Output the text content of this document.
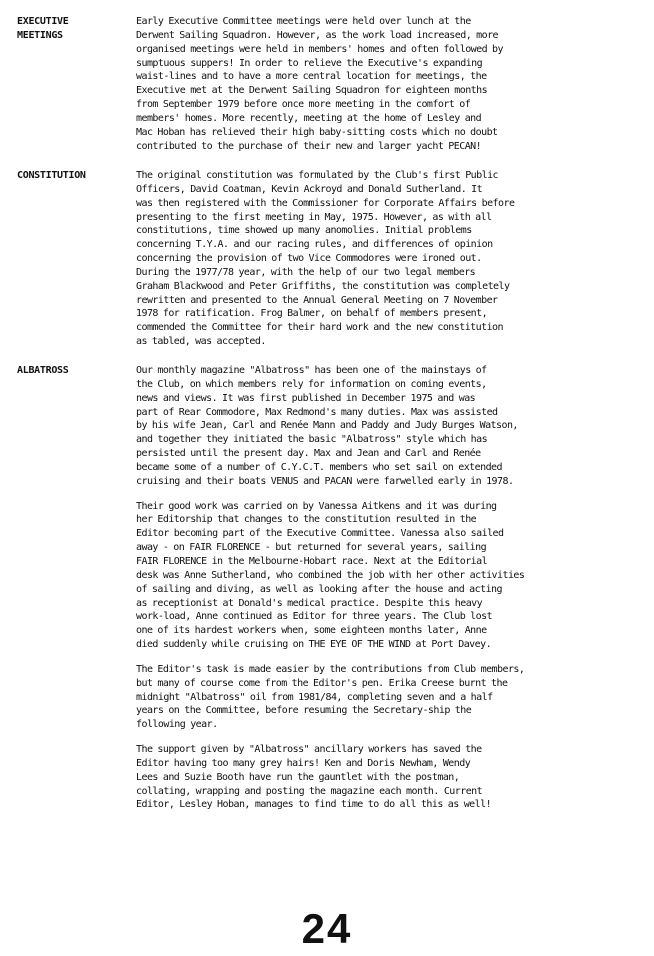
EXECUTIVE
MEETINGS

Early Executive Committee meetings were held over lunch at the
Derwent Sailing Squadron. However, as the work load increased, more
organised meetings were held in members' homes and often followed by
sumptuous suppers! In order to relieve the Executive's expanding
waist-lines and to have a more central location for meetings, the
Executive met at the Derwent Sailing Squadron for eighteen months
from September 1979 before once more meeting in the comfort of
members' homes. More recently, meeting at the home of Lesley and
Mac Hoban has relieved their high baby-sitting costs which no doubt
contributed to the purchase of their new and larger yacht PECAN!

CONSTITUTION	The original constitution was formulated by the Club's first Public
Officers, David Coatman, Kevin Ackroyd and Donald Sutherland. It
was then registered with the Commissioner for Corporate Affairs before
presenting to the first meeting in May, 1975. However, as with all
constitutions, time showed up many anomolies. Initial problems
concerning T.Y.A. and our racing rules, and differences of opinion
concerning the provision of two Vice Commodores were ironed out.
During the 1977/78 year, with the help of our two legal members
Graham Blackwood and Peter Griffiths, the constitution was completely
rewritten and presented to the Annual General Meeting on 7 November
1978 for ratification. Frog Balmer, on behalf of members present,
commended the Committee for their hard work and the new constitution
as tabled, was accepted.

ALBATROSS	Our monthly magazine "Albatross" has been one of the mainstays of
the Club, on which members rely for information on coming events,
news and views. It was first published in December 1975 and was
part of Rear Commodore, Max Redmond's many duties. Max was assisted
by his wife Jean, Carl and Renée Mann and Paddy and Judy Burges Watson,
and together they initiated the basic "Albatross" style which has
persisted until the present day. Max and Jean and Carl and Renée
became some of a number of C.Y.C.T. members who set sail on extended
cruising and their boats VENUS and PACAN were farwelled early in 1978.

Their good work was carried on by Vanessa Aitkens and it was during
her Editorship that changes to the constitution resulted in the
Editor becoming part of the Executive Committee. Vanessa also sailed
away - on FAIR FLORENCE - but returned for several years, sailing
FAIR FLORENCE in the Melbourne-Hobart race. Next at the Editorial
desk was Anne Sutherland, who combined the job with her other activities
of sailing and diving, as well as looking after the house and acting
as receptionist at Donald's medical practice. Despite this heavy
work-load, Anne continued as Editor for three years. The Club lost
one of its hardest workers when, some eighteen months later, Anne
died suddenly while cruising on THE EYE OF THE WIND at Port Davey.

The Editor's task is made easier by the contributions from Club members,
but many of course come from the Editor's pen. Erika Creese burnt the
midnight "Albatross" oil from 1981/84, completing seven and a half
years on the Committee, before resuming the Secretary-ship the
following year.

The support given by "Albatross" ancillary workers has saved the
Editor having too many grey hairs! Ken and Doris Newham, Wendy
Lees and Suzie Booth have run the gauntlet with the postman,
collating, wrapping and posting the magazine each month. Current
Editor, Lesley Hoban, manages to find time to do all this as well!

24
